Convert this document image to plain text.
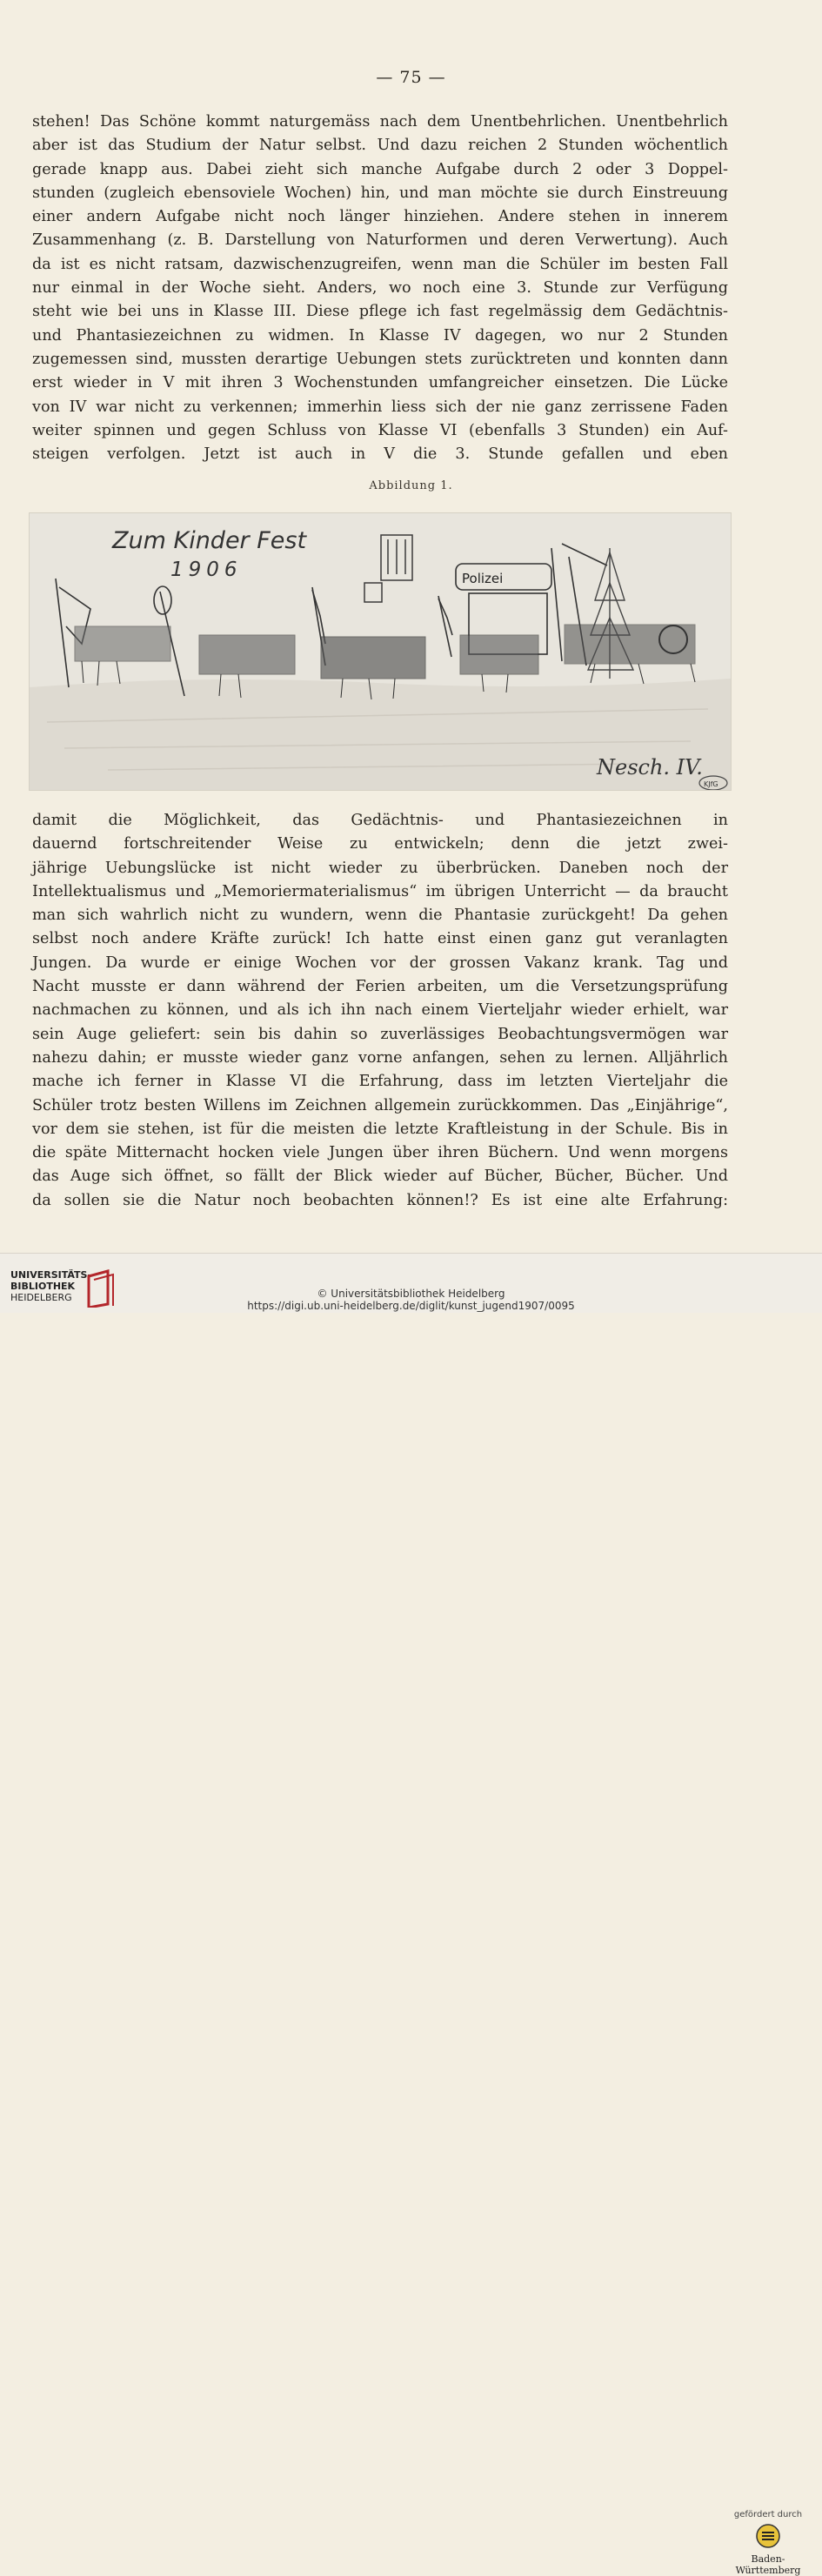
— 75 —

stehen! Das Schöne kommt naturgemäss nach dem Unentbehrlichen. Unentbehrlich
aber ist das Studium der Natur selbst. Und dazu reichen 2 Stunden wöchentlich
gerade knapp aus. Dabei zieht sich manche Aufgabe durch 2 oder 3 Doppel-
stunden (zugleich ebensoviele Wochen) hin, und man möchte sie durch Einstreuung
einer andern Aufgabe nicht noch länger hinziehen. Andere stehen in innerem
Zusammenhang (z. B. Darstellung von Naturformen und deren Verwertung). Auch
da ist es nicht ratsam, dazwischenzugreifen, wenn man die Schüler im besten Fall
nur einmal in der Woche sieht. Anders, wo noch eine 3. Stunde zur Verfügung
steht wie bei uns in Klasse III. Diese pflege ich fast regelmässig dem Gedächtnis-
und Phantasiezeichnen zu widmen. In Klasse IV dagegen, wo nur 2 Stunden
zugemessen sind, mussten derartige Uebungen stets zurücktreten und konnten dann
erst wieder in V mit ihren 3 Wochenstunden umfangreicher einsetzen. Die Lücke
von IV war nicht zu verkennen; immerhin liess sich der nie ganz zerrissene Faden
weiter spinnen und gegen Schluss von Klasse VI (ebenfalls 3 Stunden) ein Auf-
steigen verfolgen. Jetzt ist auch in V die 3. Stunde gefallen und eben

Abbildung 1.
Zum Kinder Fest
1906	Polizei
Nesch. IV.
KJfG

damit die Möglichkeit, das Gedächtnis- und Phantasiezeichnen in
dauernd fortschreitender Weise zu entwickeln; denn die jetzt zwei-
jährige Uebungslücke ist nicht wieder zu überbrücken. Daneben noch der
Intellektualismus und „Memoriermaterialismus“ im übrigen Unterricht — da braucht
man sich wahrlich nicht zu wundern, wenn die Phantasie zurückgeht! Da gehen
selbst noch andere Kräfte zurück! Ich hatte einst einen ganz gut veranlagten
Jungen. Da wurde er einige Wochen vor der grossen Vakanz krank. Tag und
Nacht musste er dann während der Ferien arbeiten, um die Versetzungsprüfung
nachmachen zu können, und als ich ihn nach einem Vierteljahr wieder erhielt, war
sein Auge geliefert: sein bis dahin so zuverlässiges Beobachtungsvermögen war
nahezu dahin; er musste wieder ganz vorne anfangen, sehen zu lernen. Alljährlich
mache ich ferner in Klasse VI die Erfahrung, dass im letzten Vierteljahr die
Schüler trotz besten Willens im Zeichnen allgemein zurückkommen. Das „Einjährige“,
vor dem sie stehen, ist für die meisten die letzte Kraftleistung in der Schule. Bis in
die späte Mitternacht hocken viele Jungen über ihren Büchern. Und wenn morgens
das Auge sich öffnet, so fällt der Blick wieder auf Bücher, Bücher, Bücher. Und
da sollen sie die Natur noch beobachten können!? Es ist eine alte Erfahrung:

UNIVERSITÄTS-
BIBLIOTHEK
HEIDELBERG
gefördert durch
Baden-Württemberg
© Universitätsbibliothek Heidelberg
https://digi.ub.uni-heidelberg.de/diglit/kunst_jugend1907/0095
